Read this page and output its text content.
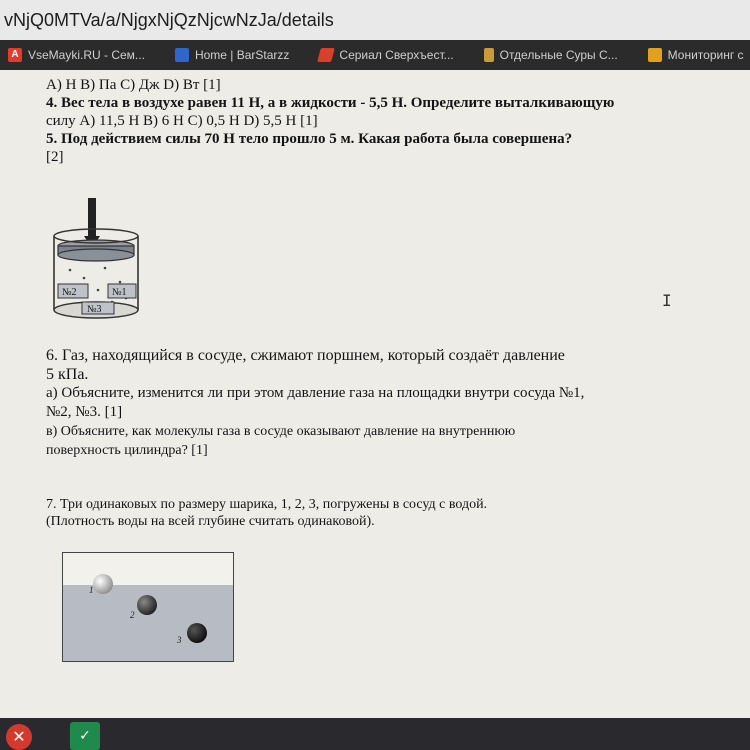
vNjQ0MTVa/a/NjgxNjQzNjcwNzJa/details
A VseMayki.RU - Сем...	Home | BarStarzz	Сериал Сверхъест...	Отдельные Суры С...	Мониторинг с
A) Н В) Па С) Дж D) Вт [1]
4. Вес тела в воздухе равен 11 Н, а в жидкости - 5,5 Н. Определите выталкивающую
силу A) 11,5 Н B) 6 Н C) 0,5 Н D) 5,5 Н [1]
5. Под действием силы 70 Н тело прошло 5 м. Какая работа была совершена?
[2]
№2	№1
№3	I
6. Газ, находящийся в сосуде, сжимают поршнем, который создаёт давление
5 кПа.
а) Объясните, изменится ли при этом давление газа на площадки внутри сосуда №1,
№2, №3. [1]
в) Объясните, как молекулы газа в сосуде оказывают давление на внутреннюю
поверхность цилиндра? [1]
7. Три одинаковых по размеру шарика, 1, 2, 3, погружены в сосуд с водой.
(Плотность воды на всей глубине считать одинаковой).
1
2
3
✕	✓
